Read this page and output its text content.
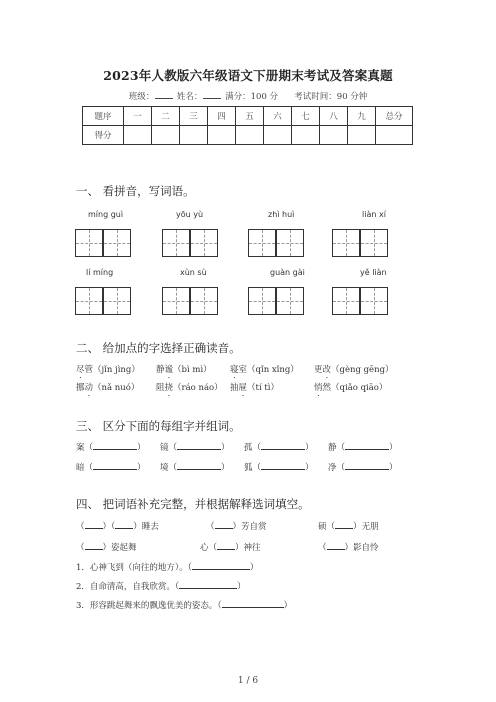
2023年人教版六年级语文下册期末考试及答案真题
班级：	姓名：	满分：100 分 考试时间：90 分钟
题序	一	二	三	四	五	六	七	八	九	总分
得分										
一、 看拼音，写词语。
míng guì	yōu yù	zhì huì	liàn xí
lí míng	xùn sù	guàn gài	yě liàn
二、 给加点的字选择正确读音。
尽管（jǐn jìng） 静谧（bì mì） 寝室（qǐn xǐng） 更改（gèng gēng）
挪动（nǎ nuó） 阻挠（ráo náo） 抽屉（tí tì）	悄然（qiǎo qiāo）
三、 区分下面的每组字并组词。
案（	） 镜（	） 孤（	） 静（	）
暗（	） 境（	） 狐（	） 净（	）
四、 把词语补充完整，并根据解释选词填空。
（ ）（ ）睡去	（ ）芳自赏	硕（ ）无朋
（ ）姿起舞	心（ ）神往	（ ）影自怜
1．心神飞到（向往的地方）。（	）
2．自命清高，自我欣赏。（	）
3．形容跳起舞来的飘逸优美的姿态。（	）
1 / 6
